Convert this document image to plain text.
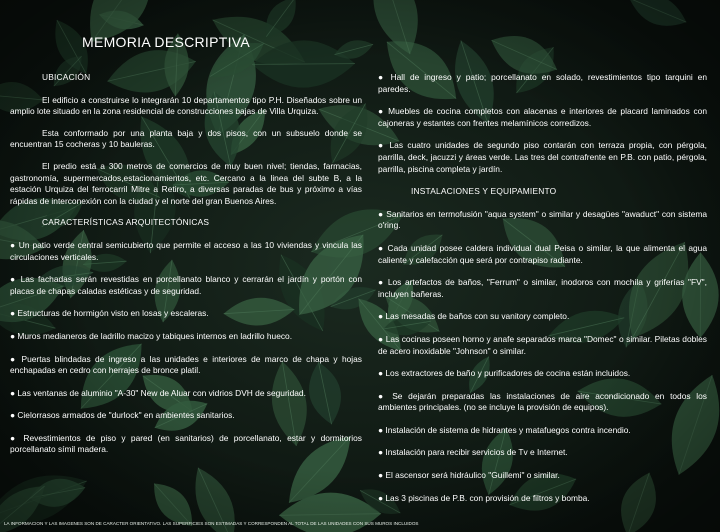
MEMORIA DESCRIPTIVA

UBICACIÓN

El edificio a construirse lo integrarán 10 departamentos tipo P.H. Diseñados sobre un amplio lote situado en la zona residencial de construcciones bajas de Villa Urquiza.

Esta conformado por una planta baja y dos pisos, con un subsuelo donde se encuentran 15 cocheras y 10 bauleras.

El predio está a 300 metros de comercios de muy buen nivel; tiendas, farmacias, gastronomía, supermercados,estacionamientos, etc. Cercano a la linea del subte B, a la estación Urquiza del ferrocarril Mitre a Retiro, a diversas paradas de bus y próximo a vías rápidas de interconexión con la ciudad y el norte del gran Buenos Aires.

CARACTERÍSTICAS ARQUITECTÓNICAS

● Un patio verde central semicubierto que permite el acceso a las 10 viviendas y vincula las circulaciones verticales.

● Las fachadas serán revestidas en porcellanato blanco y cerrarán el jardín y portón con placas de chapas caladas estéticas y de seguridad.

● Estructuras de hormigón visto en losas y escaleras.

● Muros medianeros de ladrillo macizo y tabiques internos en ladrillo hueco.

● Puertas blindadas de ingreso a las unidades e interiores de marco de chapa y hojas enchapadas en cedro con herrajes de bronce platil.

● Las ventanas de aluminio "A-30" New de Aluar con vidrios DVH de seguridad.

● Cielorrasos armados de "durlock" en ambientes sanitarios.

● Revestimientos de piso y pared (en sanitarios) de porcellanato, estar y dormitorios porcellanato símil madera.

● Hall de ingreso y patio; porcellanato en solado, revestimientos tipo tarquini en paredes.

● Muebles de cocina completos con alacenas e interiores de placard laminados con cajoneras y estantes con frentes melamínicos corredizos.

● Las cuatro unidades de segundo piso contarán con terraza propia, con pérgola, parrilla, deck, jacuzzi y áreas verde. Las tres del contrafrente en P.B. con patio, pérgola, parrilla, piscina completa y jardín.

INSTALACIONES Y EQUIPAMIENTO

● Sanitarios en termofusión "aqua system" o similar y desagües "awaduct" con sistema o'ring.

● Cada unidad posee caldera individual dual Peisa o similar, la que alimenta el agua caliente y calefacción que será por contrapiso radiante.

● Los artefactos de baños, "Ferrum" o similar, inodoros con mochila y griferías "FV", incluyen bañeras.

● Las mesadas de baños con su vanitory completo.

● Las cocinas poseen horno y anafe separados marca "Domec" o similar. Piletas dobles de acero inoxidable "Johnson" o similar.

● Los extractores de baño y purificadores de cocina están incluidos.

● Se dejarán preparadas las instalaciones de aire acondicionado en todos los ambientes principales. (no se incluye la provisión de equipos).

● Instalación de sistema de hidrantes y matafuegos contra incendio.

● Instalación para recibir servicios de Tv e Internet.

● El ascensor será hidráulico "Guillemi" o similar.

● Las 3 piscinas de P.B. con provisión de filtros y bomba.

LA INFORMACION Y LAS IMAGENES SON DE CARACTER ORIENTATIVO. LAS SUPERFICIES SON ESTIMADAS Y CORRESPONDEN AL TOTAL DE LAS UNIDADES CON SUS MUROS INCLUIDOS
